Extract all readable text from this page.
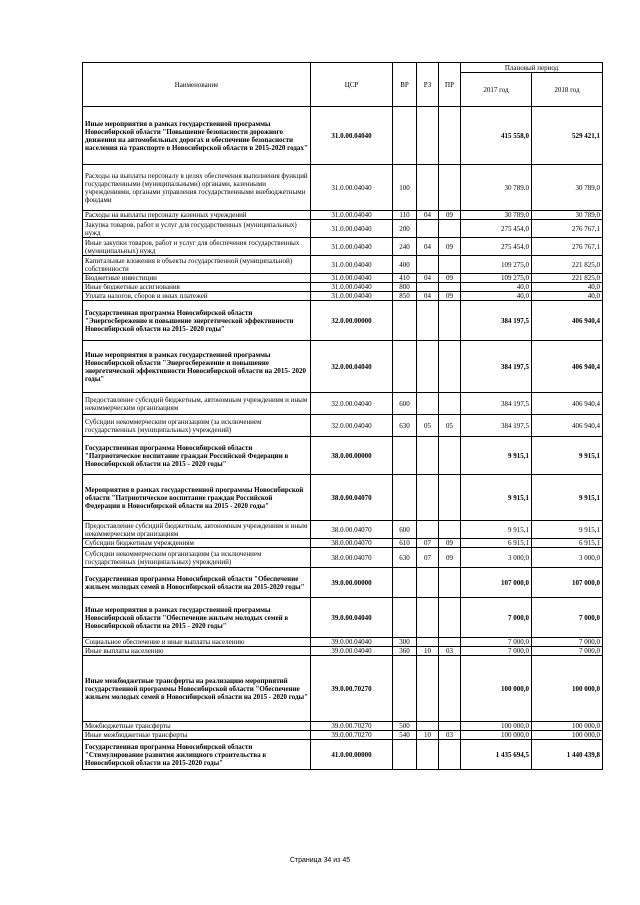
Наименование	ЦСР	ВР	РЗ	ПР	Плановый период	
					2017 год	2018 год
Иные мероприятия в рамках государственной программы Новосибирской области "Повышение безопасности дорожного движения на автомобильных дорогах и обеспечение безопасности населения на транспорте в Новосибирской области в 2015-2020 годах"	31.0.00.04040				415 558,0	529 421,1
Расходы на выплаты персоналу в целях обеспечения выполнения функций государственными (муниципальными) органами, казенными учреждениями, органами управления государственными внебюджетными фондами	31.0.00.04040	100			30 789,0	30 789,0
Расходы на выплаты персоналу казенных учреждений	31.0.00.04040	110	04	09	30 789,0	30 789,0
Закупка товаров, работ и услуг для государственных (муниципальных) нужд	31.0.00.04040	200			275 454,0	276 767,1
Иные закупки товаров, работ и услуг для обеспечения государственных (муниципальных) нужд	31.0.00.04040	240	04	09	275 454,0	276 767,1
Капитальные вложения в объекты государственной (муниципальной) собственности	31.0.00.04040	400			109 275,0	221 825,0
Бюджетные инвестиции	31.0.00.04040	410	04	09	109 275,0	221 825,0
Иные бюджетные ассигнования	31.0.00.04040	800			40,0	40,0
Уплата налогов, сборов и иных платежей	31.0.00.04040	850	04	09	40,0	40,0
Государственная программа Новосибирской области "Энергосбережение и повышение энергетической эффективности Новосибирской области на 2015- 2020 годы"	32.0.00.00000				384 197,5	406 940,4
Иные мероприятия в рамках государственной программы Новосибирской области "Энергосбережение и повышение энергетической эффективности Новосибирской области на 2015- 2020 годы"	32.0.00.04040				384 197,5	406 940,4
Предоставление субсидий бюджетным, автономным учреждениям и иным некоммерческим организациям	32.0.00.04040	600			384 197,5	406 940,4
Субсидии некоммерческим организациям (за исключением государственных (муниципальных) учреждений)	32.0.00.04040	630	05	05	384 197,5	406 940,4
Государственная программа Новосибирской области "Патриотическое воспитание граждан Российской Федерации в Новосибирской области на 2015 - 2020 годы"	38.0.00.00000				9 915,1	9 915,1
Мероприятия в рамках государственной программы Новосибирской области "Патриотическое воспитание граждан Российской Федерации в Новосибирской области на 2015 - 2020 годы"	38.0.00.04070				9 915,1	9 915,1
Предоставление субсидий бюджетным, автономным учреждениям и иным некоммерческим организациям	38.0.00.04070	600			9 915,1	9 915,1
Субсидии бюджетным учреждениям	38.0.00.04070	610	07	09	6 915,1	6 915,1
Субсидии некоммерческим организациям (за исключением государственных (муниципальных) учреждений)	38.0.00.04070	630	07	09	3 000,0	3 000,0
Государственная программа Новосибирской области "Обеспечение жильем молодых семей в Новосибирской области на 2015-2020 годы"	39.0.00.00000				107 000,0	107 000,0
Иные мероприятия в рамках государственной программы Новосибирской области "Обеспечение жильем молодых семей в Новосибирской области на 2015 - 2020 годы"	39.0.00.04040				7 000,0	7 000,0
Социальное обеспечение и иные выплаты населению	39.0.00.04040	300			7 000,0	7 000,0
Иные выплаты населению	39.0.00.04040	360	10	03	7 000,0	7 000,0
Иные межбюджетные трансферты на реализацию мероприятий государственной программы Новосибирской области "Обеспечение жильем молодых семей в Новосибирской области на 2015 - 2020 годы"	39.0.00.70270				100 000,0	100 000,0
Межбюджетные трансферты	39.0.00.70270	500			100 000,0	100 000,0
Иные межбюджетные трансферты	39.0.00.70270	540	10	03	100 000,0	100 000,0
Государственная программа Новосибирской области "Стимулирование развития жилищного строительства в Новосибирской области на 2015-2020 годы"	41.0.00.00000				1 435 694,5	1 440 439,8
Страница 34 из 45
